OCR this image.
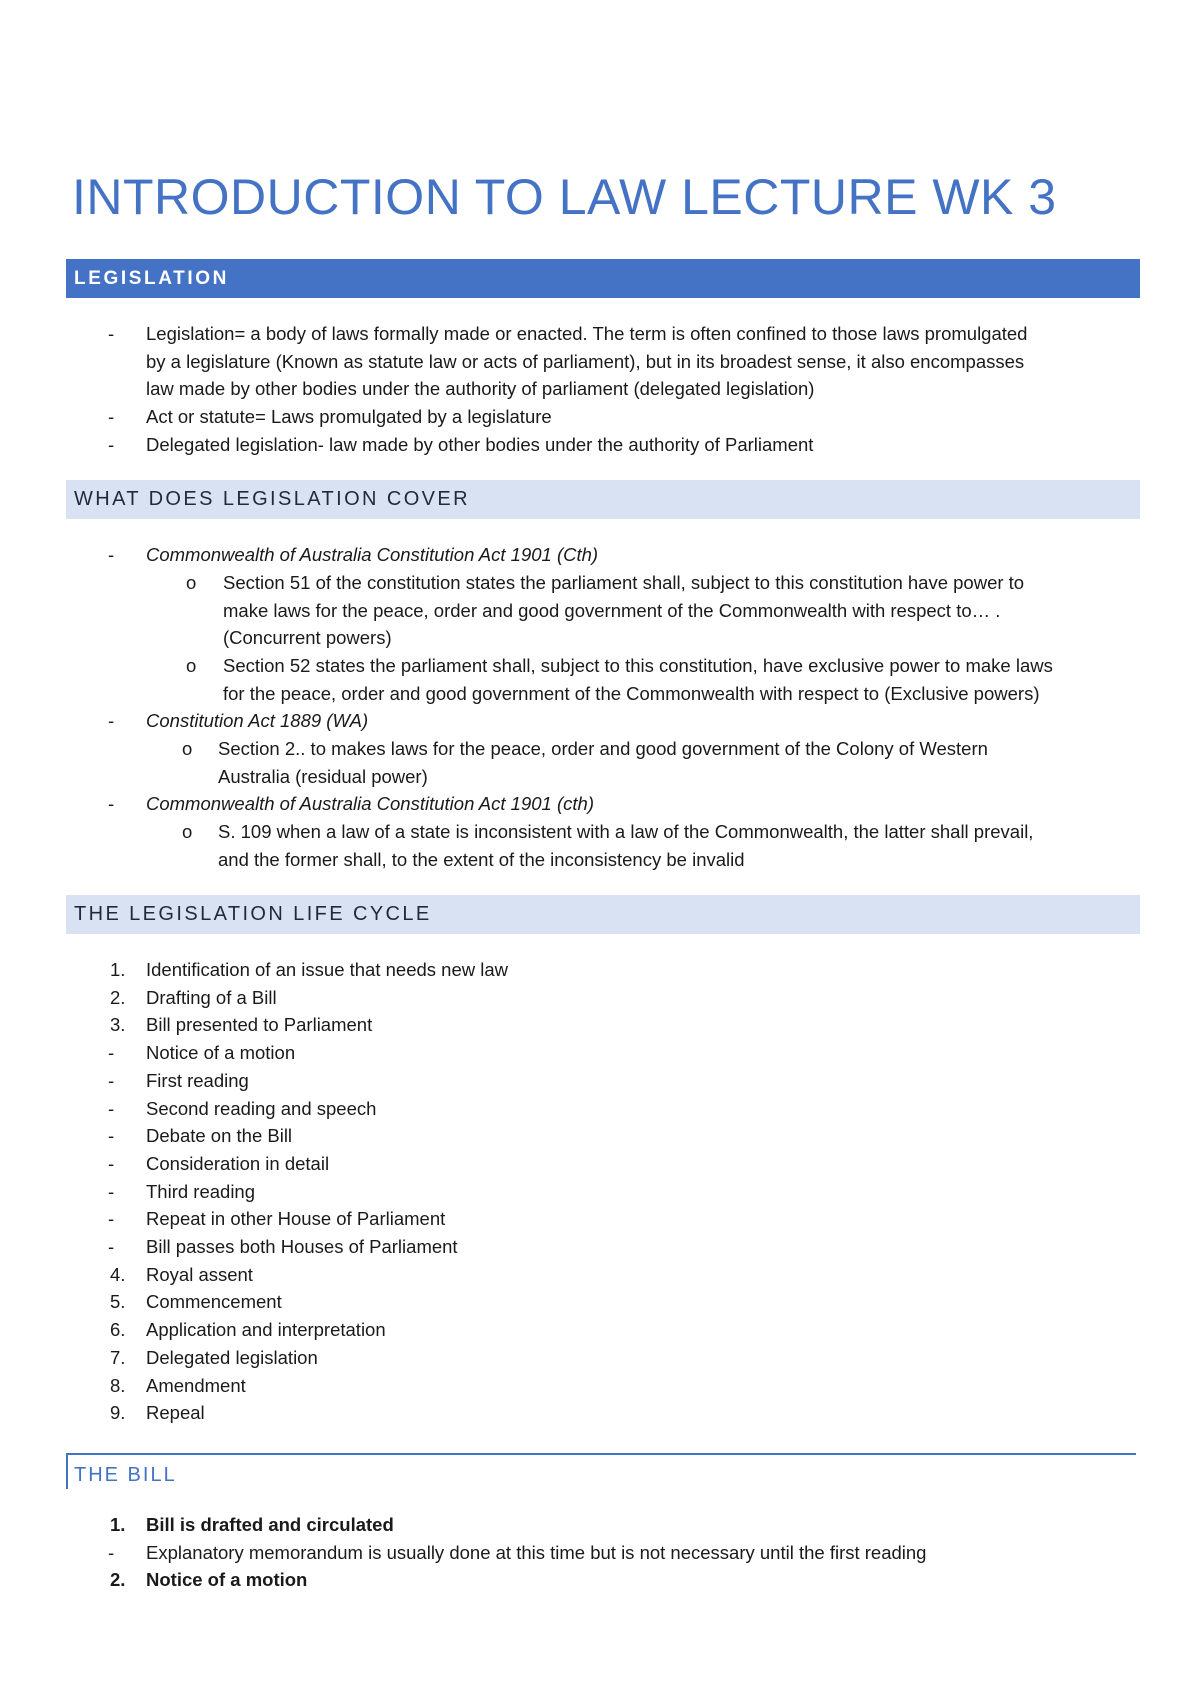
INTRODUCTION TO LAW LECTURE WK 3
LEGISLATION
- Legislation= a body of laws formally made or enacted. The term is often confined to those laws promulgated
by a legislature (Known as statute law or acts of parliament), but in its broadest sense, it also encompasses
law made by other bodies under the authority of parliament (delegated legislation)
- Act or statute= Laws promulgated by a legislature
- Delegated legislation- law made by other bodies under the authority of Parliament
WHAT DOES LEGISLATION COVER
- Commonwealth of Australia Constitution Act 1901 (Cth)
o Section 51 of the constitution states the parliament shall, subject to this constitution have power to
make laws for the peace, order and good government of the Commonwealth with respect to… .
(Concurrent powers)
o Section 52 states the parliament shall, subject to this constitution, have exclusive power to make laws
for the peace, order and good government of the Commonwealth with respect to (Exclusive powers)
- Constitution Act 1889 (WA)
o Section 2.. to makes laws for the peace, order and good government of the Colony of Western
Australia (residual power)
- Commonwealth of Australia Constitution Act 1901 (cth)
o S. 109 when a law of a state is inconsistent with a law of the Commonwealth, the latter shall prevail,
and the former shall, to the extent of the inconsistency be invalid
THE LEGISLATION LIFE CYCLE
1. Identification of an issue that needs new law
2. Drafting of a Bill
3. Bill presented to Parliament
- Notice of a motion
- First reading
- Second reading and speech
- Debate on the Bill
- Consideration in detail
- Third reading
- Repeat in other House of Parliament
- Bill passes both Houses of Parliament
4. Royal assent
5. Commencement
6. Application and interpretation
7. Delegated legislation
8. Amendment
9. Repeal
THE BILL
1. Bill is drafted and circulated
- Explanatory memorandum is usually done at this time but is not necessary until the first reading
2. Notice of a motion
